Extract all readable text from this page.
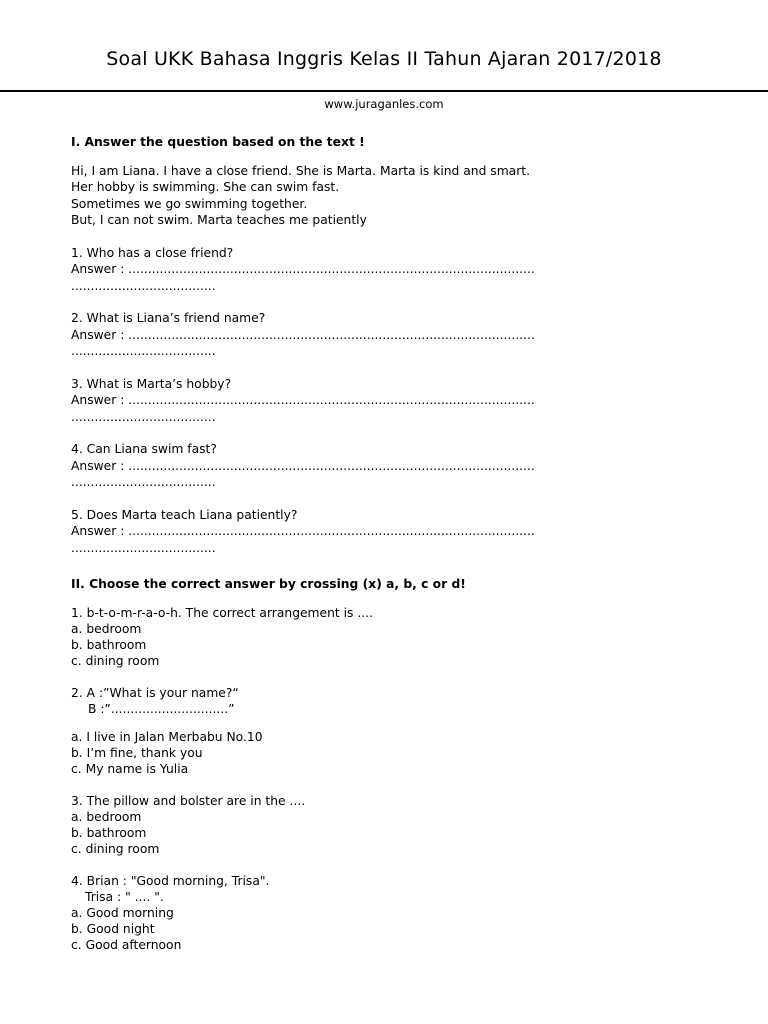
Soal UKK Bahasa Inggris Kelas II Tahun Ajaran 2017/2018
www.juraganles.com
I. Answer the question based on the text !

Hi, I am Liana. I have a close friend. She is Marta. Marta is kind and smart.

Her hobby is swimming. She can swim fast.

Sometimes we go swimming together.

But, I can not swim. Marta teaches me patiently

1. Who has a close friend?

Answer : ........................................................................................................

.....................................

2. What is Liana’s friend name?

Answer : ........................................................................................................

.....................................

3. What is Marta’s hobby?

Answer : ........................................................................................................

.....................................

4. Can Liana swim fast?

Answer : ........................................................................................................

.....................................

5. Does Marta teach Liana patiently?

Answer : ........................................................................................................

.....................................

II. Choose the correct answer by crossing (x) a, b, c or d!

1. b-t-o-m-r-a-o-h. The correct arrangement is ....

a. bedroom

b. bathroom

c. dining room

2. A :”What is your name?“

B :”..............................”

a. I live in Jalan Merbabu No.10

b. I’m fine, thank you

c. My name is Yulia

3. The pillow and bolster are in the ....

a. bedroom

b. bathroom

c. dining room

4. Brian : "Good morning, Trisa".

Trisa : " .... ".

a. Good morning

b. Good night

c. Good afternoon
